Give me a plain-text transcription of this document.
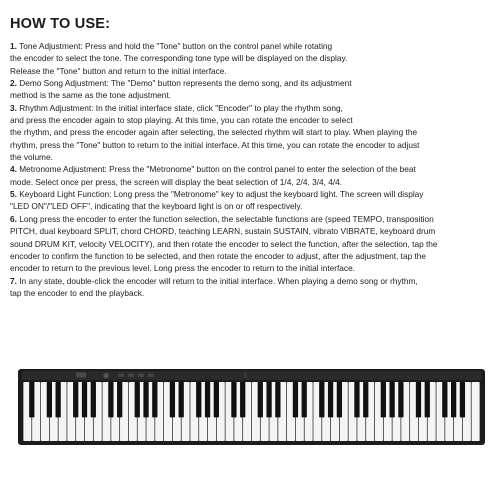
HOW TO USE:

1. Tone Adjustment: Press and hold the "Tone" button on the control panel while rotating
the encoder to select the tone. The corresponding tone type will be displayed on the display.
Release the "Tone" button and return to the initial interface.

2. Demo Song Adjustment: The "Demo" button represents the demo song, and its adjustment
method is the same as the tone adjustment.

3. Rhythm Adjustment: In the initial interface state, click "Encoder" to play the rhythm song,
and press the encoder again to stop playing. At this time, you can rotate the encoder to select
the rhythm, and press the encoder again after selecting, the selected rhythm will start to play. When playing the
rhythm, press the "Tone" button to return to the initial interface. At this time, you can rotate the encoder to adjust
the volume.

4. Metronome Adjustment: Press the "Metronome" button on the control panel to enter the selection of the beat
mode. Select once per press, the screen will display the beat selection of 1/4, 2/4, 3/4, 4/4.

5. Keyboard Light Function: Long press the "Metronome" key to adjust the keyboard light. The screen will display
"LED ON"/"LED OFF", indicating that the keyboard light is on or off respectively.

6. Long press the encoder to enter the function selection, the selectable functions are (speed TEMPO, transposition
PITCH, dual keyboard SPLIT, chord CHORD, teaching LEARN, sustain SUSTAIN, vibrato VIBRATE, keyboard drum
sound DRUM KIT, velocity VELOCITY), and then rotate the encoder to select the function, after the selection, tap the
encoder to confirm the function to be selected, and then rotate the encoder to adjust, after the adjustment, tap the
encoder to return to the previous level. Long press the encoder to return to the initial interface.

7. In any state, double-click the encoder will return to the initial interface. When playing a demo song or rhythm,
tap the encoder to end the playback.
